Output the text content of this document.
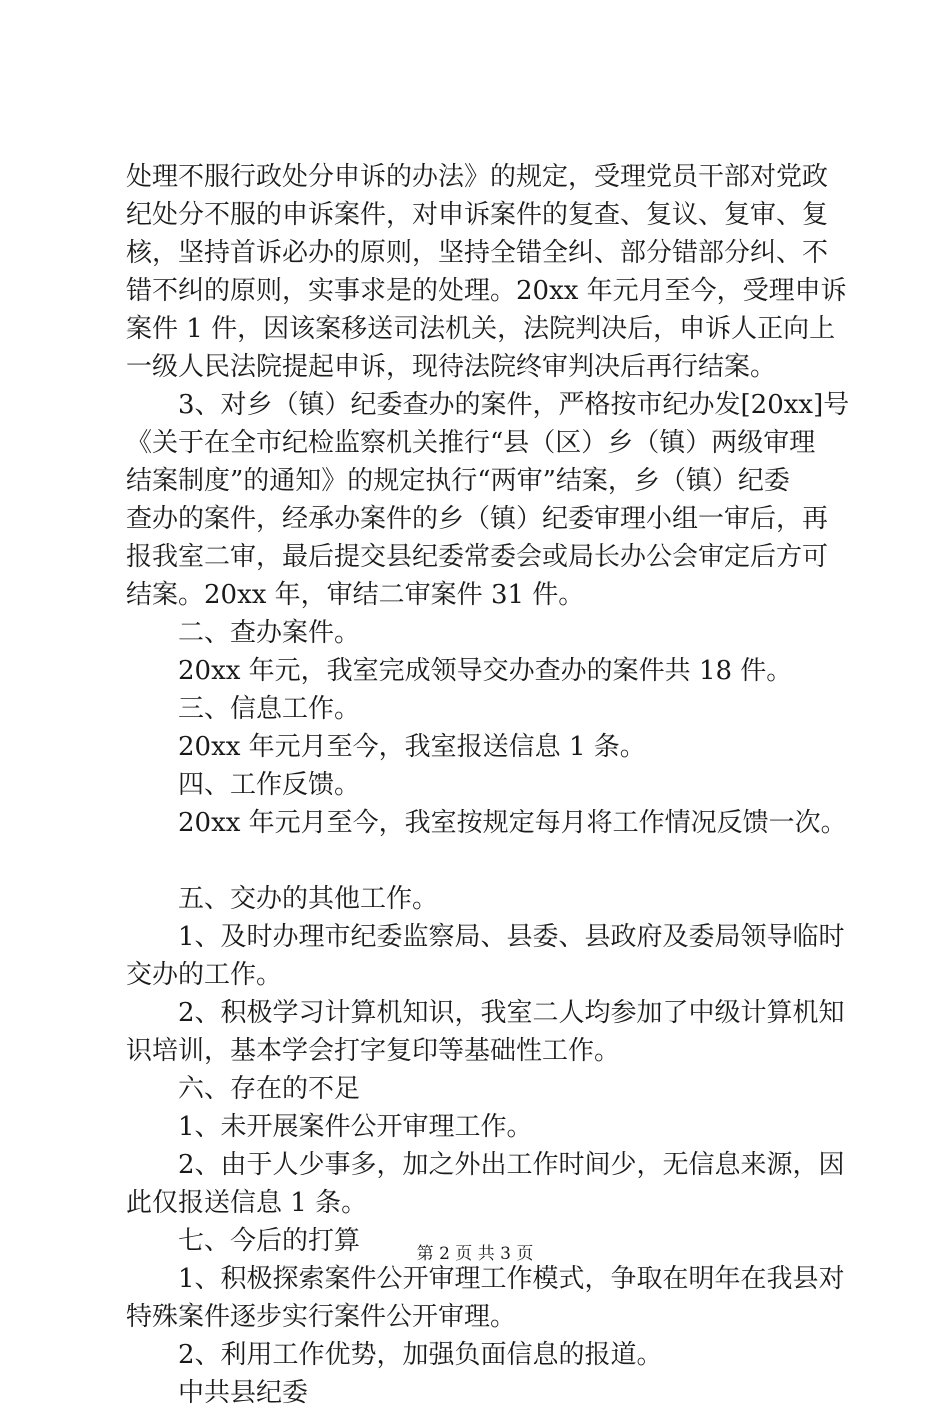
处理不服行政处分申诉的办法》的规定，受理党员干部对党政

纪处分不服的申诉案件，对申诉案件的复查、复议、复审、复

核，坚持首诉必办的原则，坚持全错全纠、部分错部分纠、不

错不纠的原则，实事求是的处理。20xx 年元月至今，受理申诉

案件 1 件，因该案移送司法机关，法院判决后，申诉人正向上

一级人民法院提起申诉，现待法院终审判决后再行结案。

3、对乡（镇）纪委查办的案件，严格按市纪办发[20xx]号

《关于在全市纪检监察机关推行“县（区）乡（镇）两级审理

结案制度”的通知》的规定执行“两审”结案，乡（镇）纪委

查办的案件，经承办案件的乡（镇）纪委审理小组一审后，再

报我室二审，最后提交县纪委常委会或局长办公会审定后方可

结案。20xx 年，审结二审案件 31 件。

二、查办案件。

20xx 年元，我室完成领导交办查办的案件共 18 件。

三、信息工作。

20xx 年元月至今，我室报送信息 1 条。

四、工作反馈。

20xx 年元月至今，我室按规定每月将工作情况反馈一次。

五、交办的其他工作。

1、及时办理市纪委监察局、县委、县政府及委局领导临时

交办的工作。

2、积极学习计算机知识，我室二人均参加了中级计算机知

识培训，基本学会打字复印等基础性工作。

六、存在的不足

1、未开展案件公开审理工作。

2、由于人少事多，加之外出工作时间少，无信息来源，因

此仅报送信息 1 条。

七、今后的打算

1、积极探索案件公开审理工作模式，争取在明年在我县对

特殊案件逐步实行案件公开审理。

2、利用工作优势，加强负面信息的报道。

中共县纪委

第 2 页 共 3 页
